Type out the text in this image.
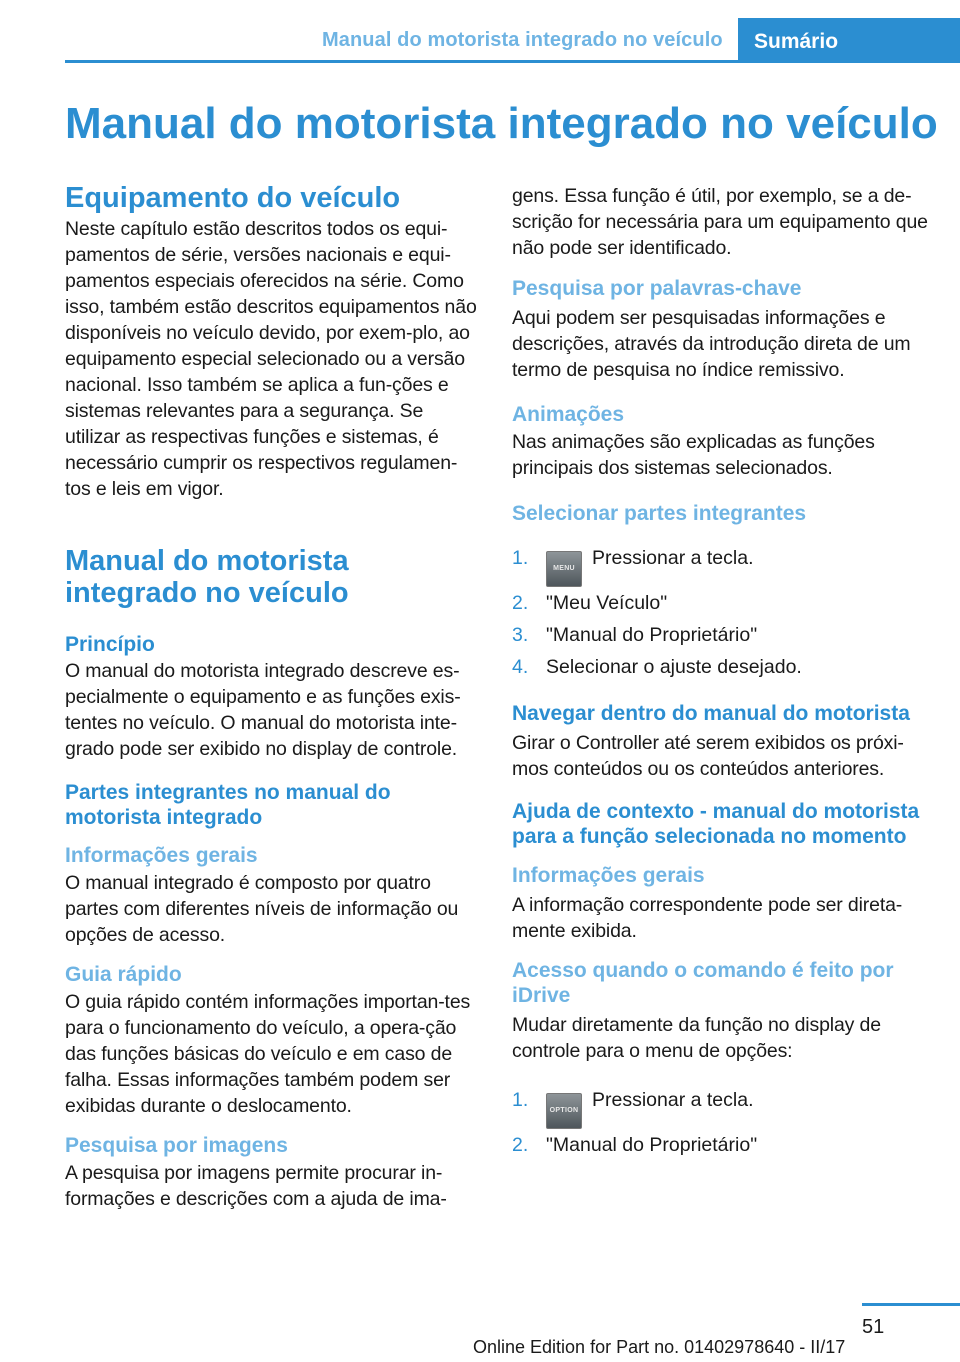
Manual do motorista integrado no veículo	Sumário
Manual do motorista integrado no veículo
Equipamento do veículo

Neste capítulo estão descritos todos os equi-pamentos de série, versões nacionais e equi-pamentos especiais oferecidos na série. Como isso, também estão descritos equipamentos não disponíveis no veículo devido, por exem-plo, ao equipamento especial selecionado ou a versão nacional. Isso também se aplica a fun-ções e sistemas relevantes para a segurança. Se utilizar as respectivas funções e sistemas, é necessário cumprir os respectivos regulamen-tos e leis em vigor.

Manual do motorista
integrado no veículo
Princípio

O manual do motorista integrado descreve es-pecialmente o equipamento e as funções exis-tentes no veículo. O manual do motorista inte-grado pode ser exibido no display de controle.

Partes integrantes no manual do motorista integrado
Informações gerais

O manual integrado é composto por quatro partes com diferentes níveis de informação ou opções de acesso.

Guia rápido

O guia rápido contém informações importan-tes para o funcionamento do veículo, a opera-ção das funções básicas do veículo e em caso de falha. Essas informações também podem ser exibidas durante o deslocamento.

Pesquisa por imagens

A pesquisa por imagens permite procurar in-formações e descrições com a ajuda de ima-

gens. Essa função é útil, por exemplo, se a de-scrição for necessária para um equipamento que não pode ser identificado.

Pesquisa por palavras-chave

Aqui podem ser pesquisadas informações e descrições, através da introdução direta de um termo de pesquisa no índice remissivo.

Animações

Nas animações são explicadas as funções principais dos sistemas selecionados.

Selecionar partes integrantes
1.	MENU Pressionar a tecla.
2. "Meu Veículo"
3. "Manual do Proprietário"
4. Selecionar o ajuste desejado.
Navegar dentro do manual do motorista

Girar o Controller até serem exibidos os próxi-mos conteúdos ou os conteúdos anteriores.

Ajuda de contexto - manual do motorista para a função selecionada no momento
Informações gerais

A informação correspondente pode ser direta-mente exibida.

Acesso quando o comando é feito por iDrive

Mudar diretamente da função no display de controle para o menu de opções:

1.	OPTION Pressionar a tecla.
2. "Manual do Proprietário"
51
Online Edition for Part no. 01402978640 - II/17
